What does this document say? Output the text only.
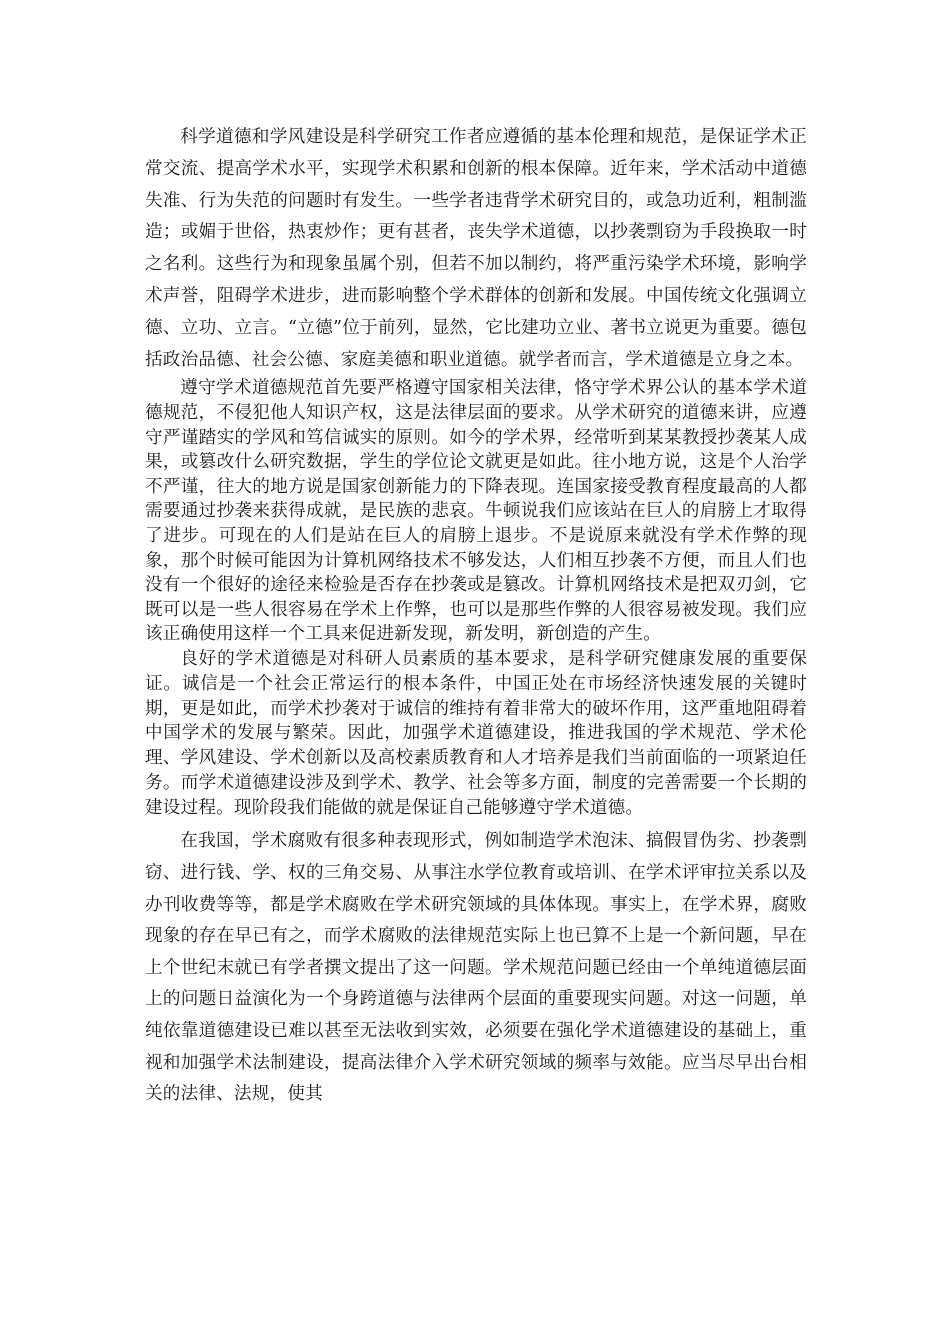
科学道德和学风建设是科学研究工作者应遵循的基本伦理和规范，是保证学术正常交流、提高学术水平，实现学术积累和创新的根本保障。近年来，学术活动中道德失准、行为失范的问题时有发生。一些学者违背学术研究目的，或急功近利，粗制滥造；或媚于世俗，热衷炒作；更有甚者，丧失学术道德，以抄袭剽窃为手段换取一时之名利。这些行为和现象虽属个别，但若不加以制约，将严重污染学术环境，影响学术声誉，阻碍学术进步，进而影响整个学术群体的创新和发展。中国传统文化强调立德、立功、立言。“立德”位于前列，显然，它比建功立业、著书立说更为重要。德包括政治品德、社会公德、家庭美德和职业道德。就学者而言，学术道德是立身之本。

遵守学术道德规范首先要严格遵守国家相关法律，恪守学术界公认的基本学术道德规范，不侵犯他人知识产权，这是法律层面的要求。从学术研究的道德来讲，应遵守严谨踏实的学风和笃信诚实的原则。如今的学术界，经常听到某某教授抄袭某人成果，或篡改什么研究数据，学生的学位论文就更是如此。往小地方说，这是个人治学不严谨，往大的地方说是国家创新能力的下降表现。连国家接受教育程度最高的人都需要通过抄袭来获得成就，是民族的悲哀。牛顿说我们应该站在巨人的肩膀上才取得了进步。可现在的人们是站在巨人的肩膀上退步。不是说原来就没有学术作弊的现象，那个时候可能因为计算机网络技术不够发达，人们相互抄袭不方便，而且人们也没有一个很好的途径来检验是否存在抄袭或是篡改。计算机网络技术是把双刃剑，它既可以是一些人很容易在学术上作弊，也可以是那些作弊的人很容易被发现。我们应该正确使用这样一个工具来促进新发现，新发明，新创造的产生。

良好的学术道德是对科研人员素质的基本要求，是科学研究健康发展的重要保证。诚信是一个社会正常运行的根本条件，中国正处在市场经济快速发展的关键时期，更是如此，而学术抄袭对于诚信的维持有着非常大的破坏作用，这严重地阻碍着中国学术的发展与繁荣。因此，加强学术道德建设，推进我国的学术规范、学术伦理、学风建设、学术创新以及高校素质教育和人才培养是我们当前面临的一项紧迫任务。而学术道德建设涉及到学术、教学、社会等多方面，制度的完善需要一个长期的建设过程。现阶段我们能做的就是保证自己能够遵守学术道德。

在我国，学术腐败有很多种表现形式，例如制造学术泡沫、搞假冒伪劣、抄袭剽窃、进行钱、学、权的三角交易、从事注水学位教育或培训、在学术评审拉关系以及办刊收费等等，都是学术腐败在学术研究领域的具体体现。事实上，在学术界，腐败现象的存在早已有之，而学术腐败的法律规范实际上也已算不上是一个新问题，早在上个世纪末就已有学者撰文提出了这一问题。学术规范问题已经由一个单纯道德层面上的问题日益演化为一个身跨道德与法律两个层面的重要现实问题。对这一问题，单纯依靠道德建设已难以甚至无法收到实效，必须要在强化学术道德建设的基础上，重视和加强学术法制建设，提高法律介入学术研究领域的频率与效能。应当尽早出台相关的法律、法规，使其
